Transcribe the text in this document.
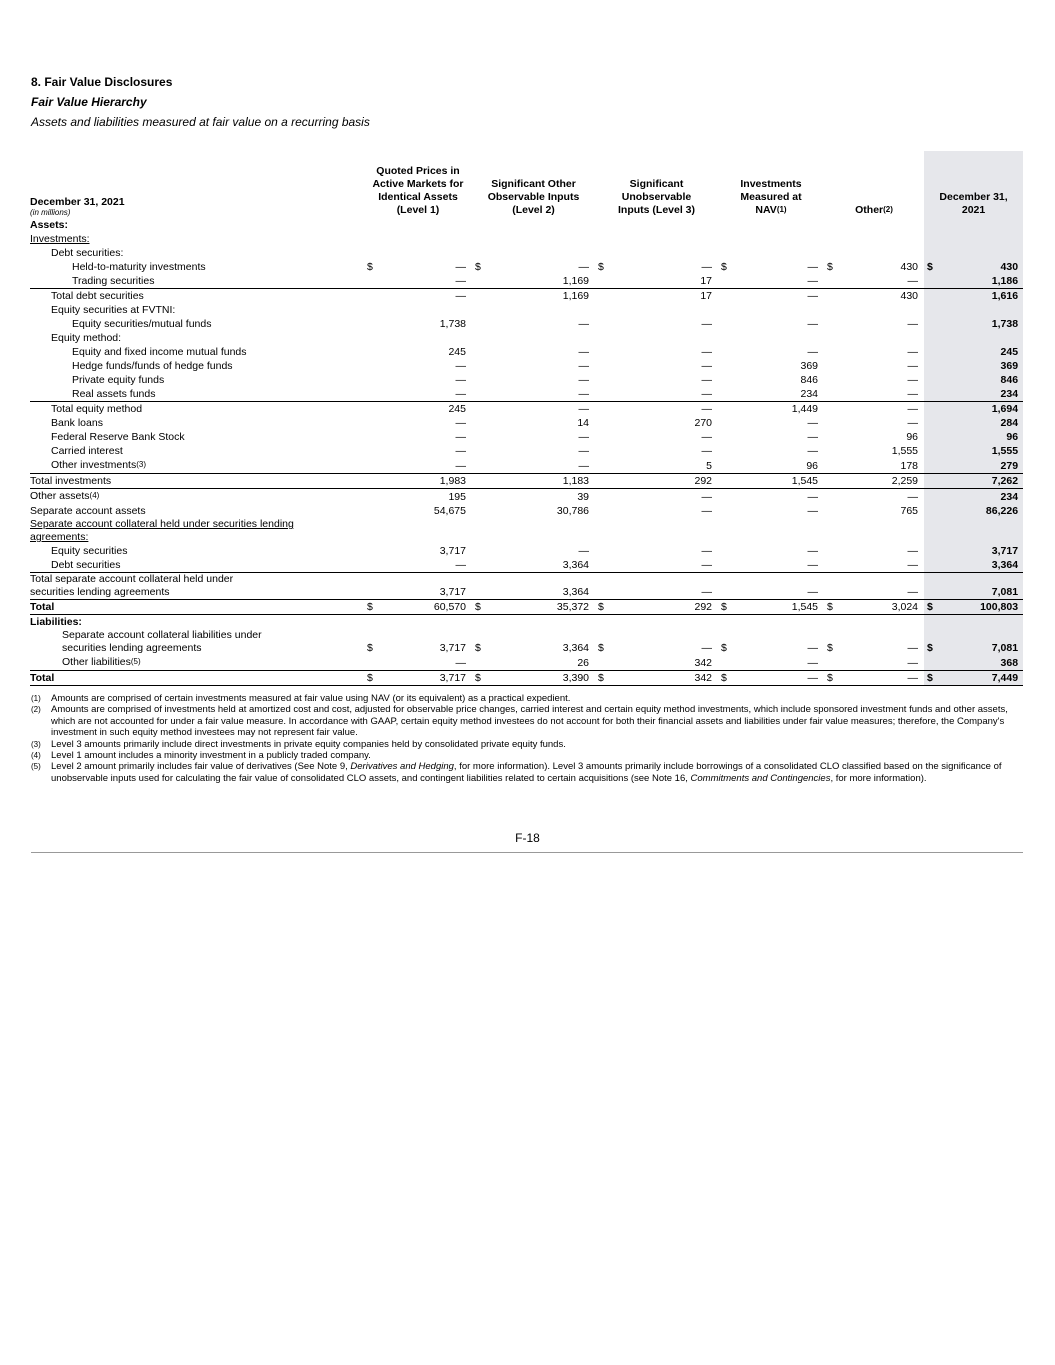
8. Fair Value Disclosures
Fair Value Hierarchy
Assets and liabilities measured at fair value on a recurring basis
December 31, 2021
(in millions)	Quoted Prices in Active Markets for Identical Assets (Level 1)		Significant Other Observable Inputs (Level 2)		Significant Unobservable Inputs (Level 3)		Investments Measured at NAV$^{(1)}$		Other$^{(2)}$		December 31, 2021	
Assets:												
Investments:												
Debt securities:												
Held-to-maturity investments	$	—	$	—	$	—	$	—	$	430	$	430
Trading securities		—		1,169		17		—		—		1,186
Total debt securities		—		1,169		17		—		430		1,616
Equity securities at FVTNI:												
Equity securities/mutual funds		1,738		—		—		—		—		1,738
Equity method:												
Equity and fixed income mutual funds		245		—		—		—		—		245
Hedge funds/funds of hedge funds		—		—		—		369		—		369
Private equity funds		—		—		—		846		—		846
Real assets funds		—		—		—		234		—		234
Total equity method		245		—		—		1,449		—		1,694
Bank loans		—		14		270		—		—		284
Federal Reserve Bank Stock		—		—		—		—		96		96
Carried interest		—		—		—		—		1,555		1,555
Other investments$^{(3)}$		—		—		5		96		178		279
Total investments		1,983		1,183		292		1,545		2,259		7,262
Other assets$^{(4)}$		195		39		—		—		—		234
Separate account assets		54,675		30,786		—		—		765		86,226

Separate account collateral held under securities lending agreements:												

Equity securities		3,717		—		—		—		—		3,717
Debt securities		—		3,364		—		—		—		3,364

Total separate account collateral held under securities lending agreements		3,717		3,364		—		—		—		7,081
Total	$	60,570	$	35,372	$	292	$	1,545	$	3,024	$	100,803
Liabilities:												

Separate account collateral liabilities under securities lending agreements	$	3,717	$	3,364	$	—	$	—	$	—	$	7,081
Other liabilities$^{(5)}$		—		26		342		—		—		368
Total	$	3,717	$	3,390	$	342	$	—	$	—	$	7,449
(1) Amounts are comprised of certain investments measured at fair value using NAV (or its equivalent) as a practical expedient.
(2) Amounts are comprised of investments held at amortized cost and cost, adjusted for observable price changes, carried interest and certain equity method investments, which include sponsored investment funds and other assets, which are not accounted for under a fair value measure. In accordance with GAAP, certain equity method investees do not account for both their financial assets and liabilities under fair value measures; therefore, the Company's investment in such equity method investees may not represent fair value.
(3) Level 3 amounts primarily include direct investments in private equity companies held by consolidated private equity funds.
(4) Level 1 amount includes a minority investment in a publicly traded company.
(5) Level 2 amount primarily includes fair value of derivatives (See Note 9, Derivatives and Hedging, for more information). Level 3 amounts primarily include borrowings of a consolidated CLO classified based on the significance of unobservable inputs used for calculating the fair value of consolidated CLO assets, and contingent liabilities related to certain acquisitions (see Note 16, Commitments and Contingencies, for more information).
F-18
